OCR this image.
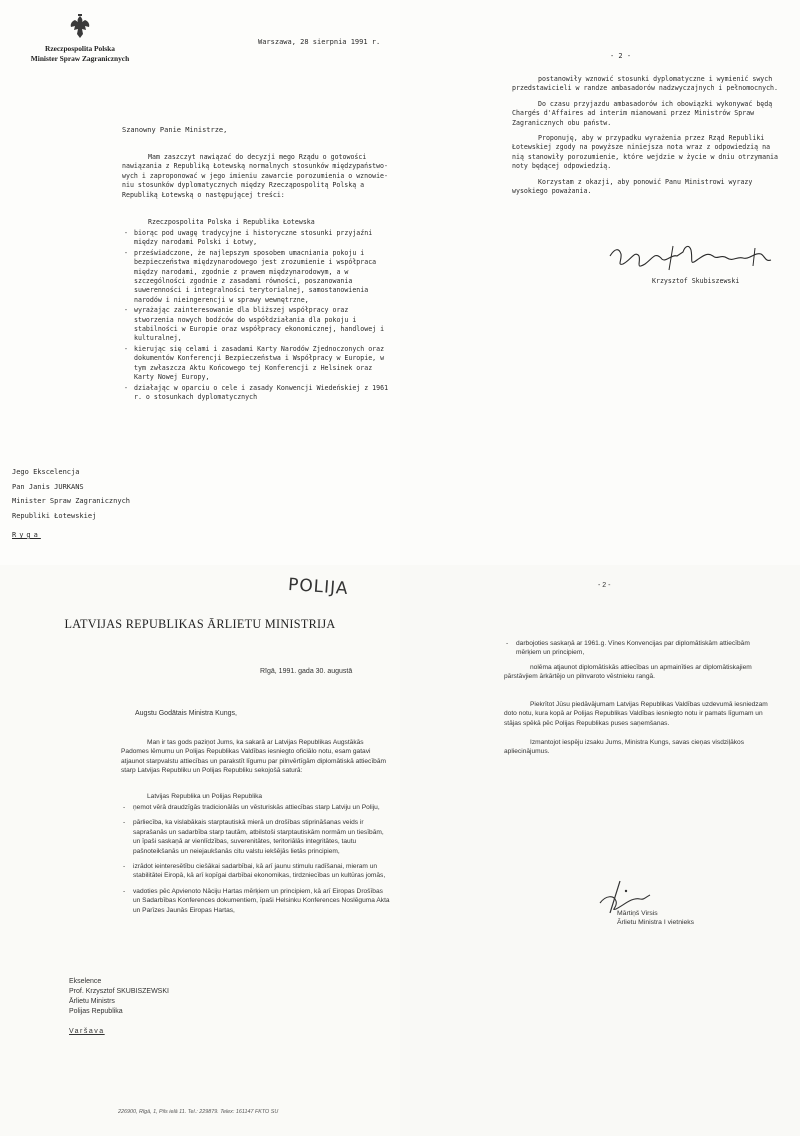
Rzeczpospolita Polska
Minister Spraw Zagranicznych
Warszawa, 28 sierpnia 1991 r.
Szanowny Panie Ministrze,
Mam zaszczyt nawiązać do decyzji mego Rządu o gotowości
nawiązania z Republiką Łotewską normalnych stosunków międzypaństwo-
wych i zaproponować w jego imieniu zawarcie porozumienia o wznowie-
niu stosunków dyplomatycznych między Rzecząpospolitą Polską a
Republiką Łotewską o następującej treści:
Rzeczpospolita Polska i Republika Łotewska
- biorąc pod uwagę tradycyjne i historyczne stosunki przyjaźni między narodami Polski i Łotwy,
- przeświadczone, że najlepszym sposobem umacniania pokoju i bezpieczeństwa międzynarodowego jest zrozumienie i współpraca między narodami, zgodnie z prawem międzynarodowym, a w szczególności zgodnie z zasadami równości, poszanowania suwerenności i integralności terytorialnej, samostanowienia narodów i nieingerencji w sprawy wewnętrzne,
- wyrażając zainteresowanie dla bliższej współpracy oraz stworzenia nowych bodźców do współdziałania dla pokoju i stabilności w Europie oraz współpracy ekonomicznej, handlowej i kulturalnej,
- kierując się celami i zasadami Karty Narodów Zjednoczonych oraz dokumentów Konferencji Bezpieczeństwa i Współpracy w Europie, w tym zwłaszcza Aktu Końcowego tej Konferencji z Helsinek oraz Karty Nowej Europy,
- działając w oparciu o cele i zasady Konwencji Wiedeńskiej z 1961 r. o stosunkach dyplomatycznych
Jego Ekscelencja
Pan Janis JURKANS
Minister Spraw Zagranicznych
Republiki Łotewskiej
Ryga
- 2 -

postanowiły wznowić stosunki dyplomatyczne i wymienić swych przedstawicieli w randze ambasadorów nadzwyczajnych i pełnomocnych.

Do czasu przyjazdu ambasadorów ich obowiązki wykonywać będą Chargés d'Affaires ad interim mianowani przez Ministrów Spraw Zagranicznych obu państw.

Proponuję, aby w przypadku wyrażenia przez Rząd Republiki Łotewskiej zgody na powyższe niniejsza nota wraz z odpowiedzią na nią stanowiły porozumienie, które wejdzie w życie w dniu otrzymania noty będącej odpowiedzią.

Korzystam z okazji, aby ponowić Panu Ministrowi wyrazy wysokiego poważania.

Krzysztof Skubiszewski
POLIJA
LATVIJAS REPUBLIKAS ĀRLIETU MINISTRIJA
Rīgā, 1991. gada 30. augustā
Augstu Godātais Ministra Kungs,

Man ir tas gods paziņot Jums, ka sakarā ar Latvijas Republikas Augstākās Padomes lēmumu un Polijas Republikas Valdības iesniegto oficiālo notu, esam gatavi atjaunot starpvalstu attiecības un parakstīt līgumu par pilnvērtīgām diplomātiskā attiecībām starp Latvijas Republiku un Polijas Republiku sekojošā saturā:

Latvijas Republika un Polijas Republika
- ņemot vērā draudzīgās tradicionālās un vēsturiskās attiecības starp Latviju un Poliju,
- pārliecība, ka vislabākais starptautiskā mierā un drošības stiprināšanas veids ir saprašanās un sadarbība starp tautām, atbilstoši starptautiskām normām un tiesībām, un īpaši saskaņā ar vienlīdzības, suverenitātes, teritoriālās integritātes, tautu pašnoteikšanās un neiejaukšanās citu valstu iekšējās lietās principiem,
- izrādot ieinteresētību ciešākai sadarbībai, kā arī jaunu stimulu radīšanai, mieram un stabilitātei Eiropā, kā arī kopīgai darbībai ekonomikas, tirdzniecības un kultūras jomās,
- vadoties pēc Apvienoto Nāciju Hartas mērķiem un principiem, kā arī Eiropas Drošības un Sadarbības Konferences dokumentiem, īpaši Helsinku Konferences Noslēguma Akta un Parīzes Jaunās Eiropas Hartas,
Ekselence
Prof. Krzysztof SKUBISZEWSKI
Ārlietu Ministrs
Polijas Republika
Varšava
226900, Rīgā, 1, Pils ielā 11. Tel.: 229879. Telex: 161147 FKTO SU
- 2 -
- darbojoties saskaņā ar 1961.g. Vīnes Konvencijas par diplomātiskām attiecībām mērķiem un principiem,

nolēma atjaunot diplomātiskās attiecības un apmainīties ar diplomātiskajiem pārstāvjiem ārkārtējo un pilnvaroto vēstnieku rangā.

Piekrītot Jūsu piedāvājumam Latvijas Republikas Valdības uzdevumā iesniedzam doto notu, kura kopā ar Polijas Republikas Valdības iesniegto notu ir pamats līgumam un stājas spēkā pēc Polijas Republikas puses saņemšanas.

Izmantojot iespēju izsaku Jums, Ministra Kungs, savas cieņas visdziļākos apliecinājumus.

Mārtiņš Virsis
Ārlietu Ministra I vietnieks
